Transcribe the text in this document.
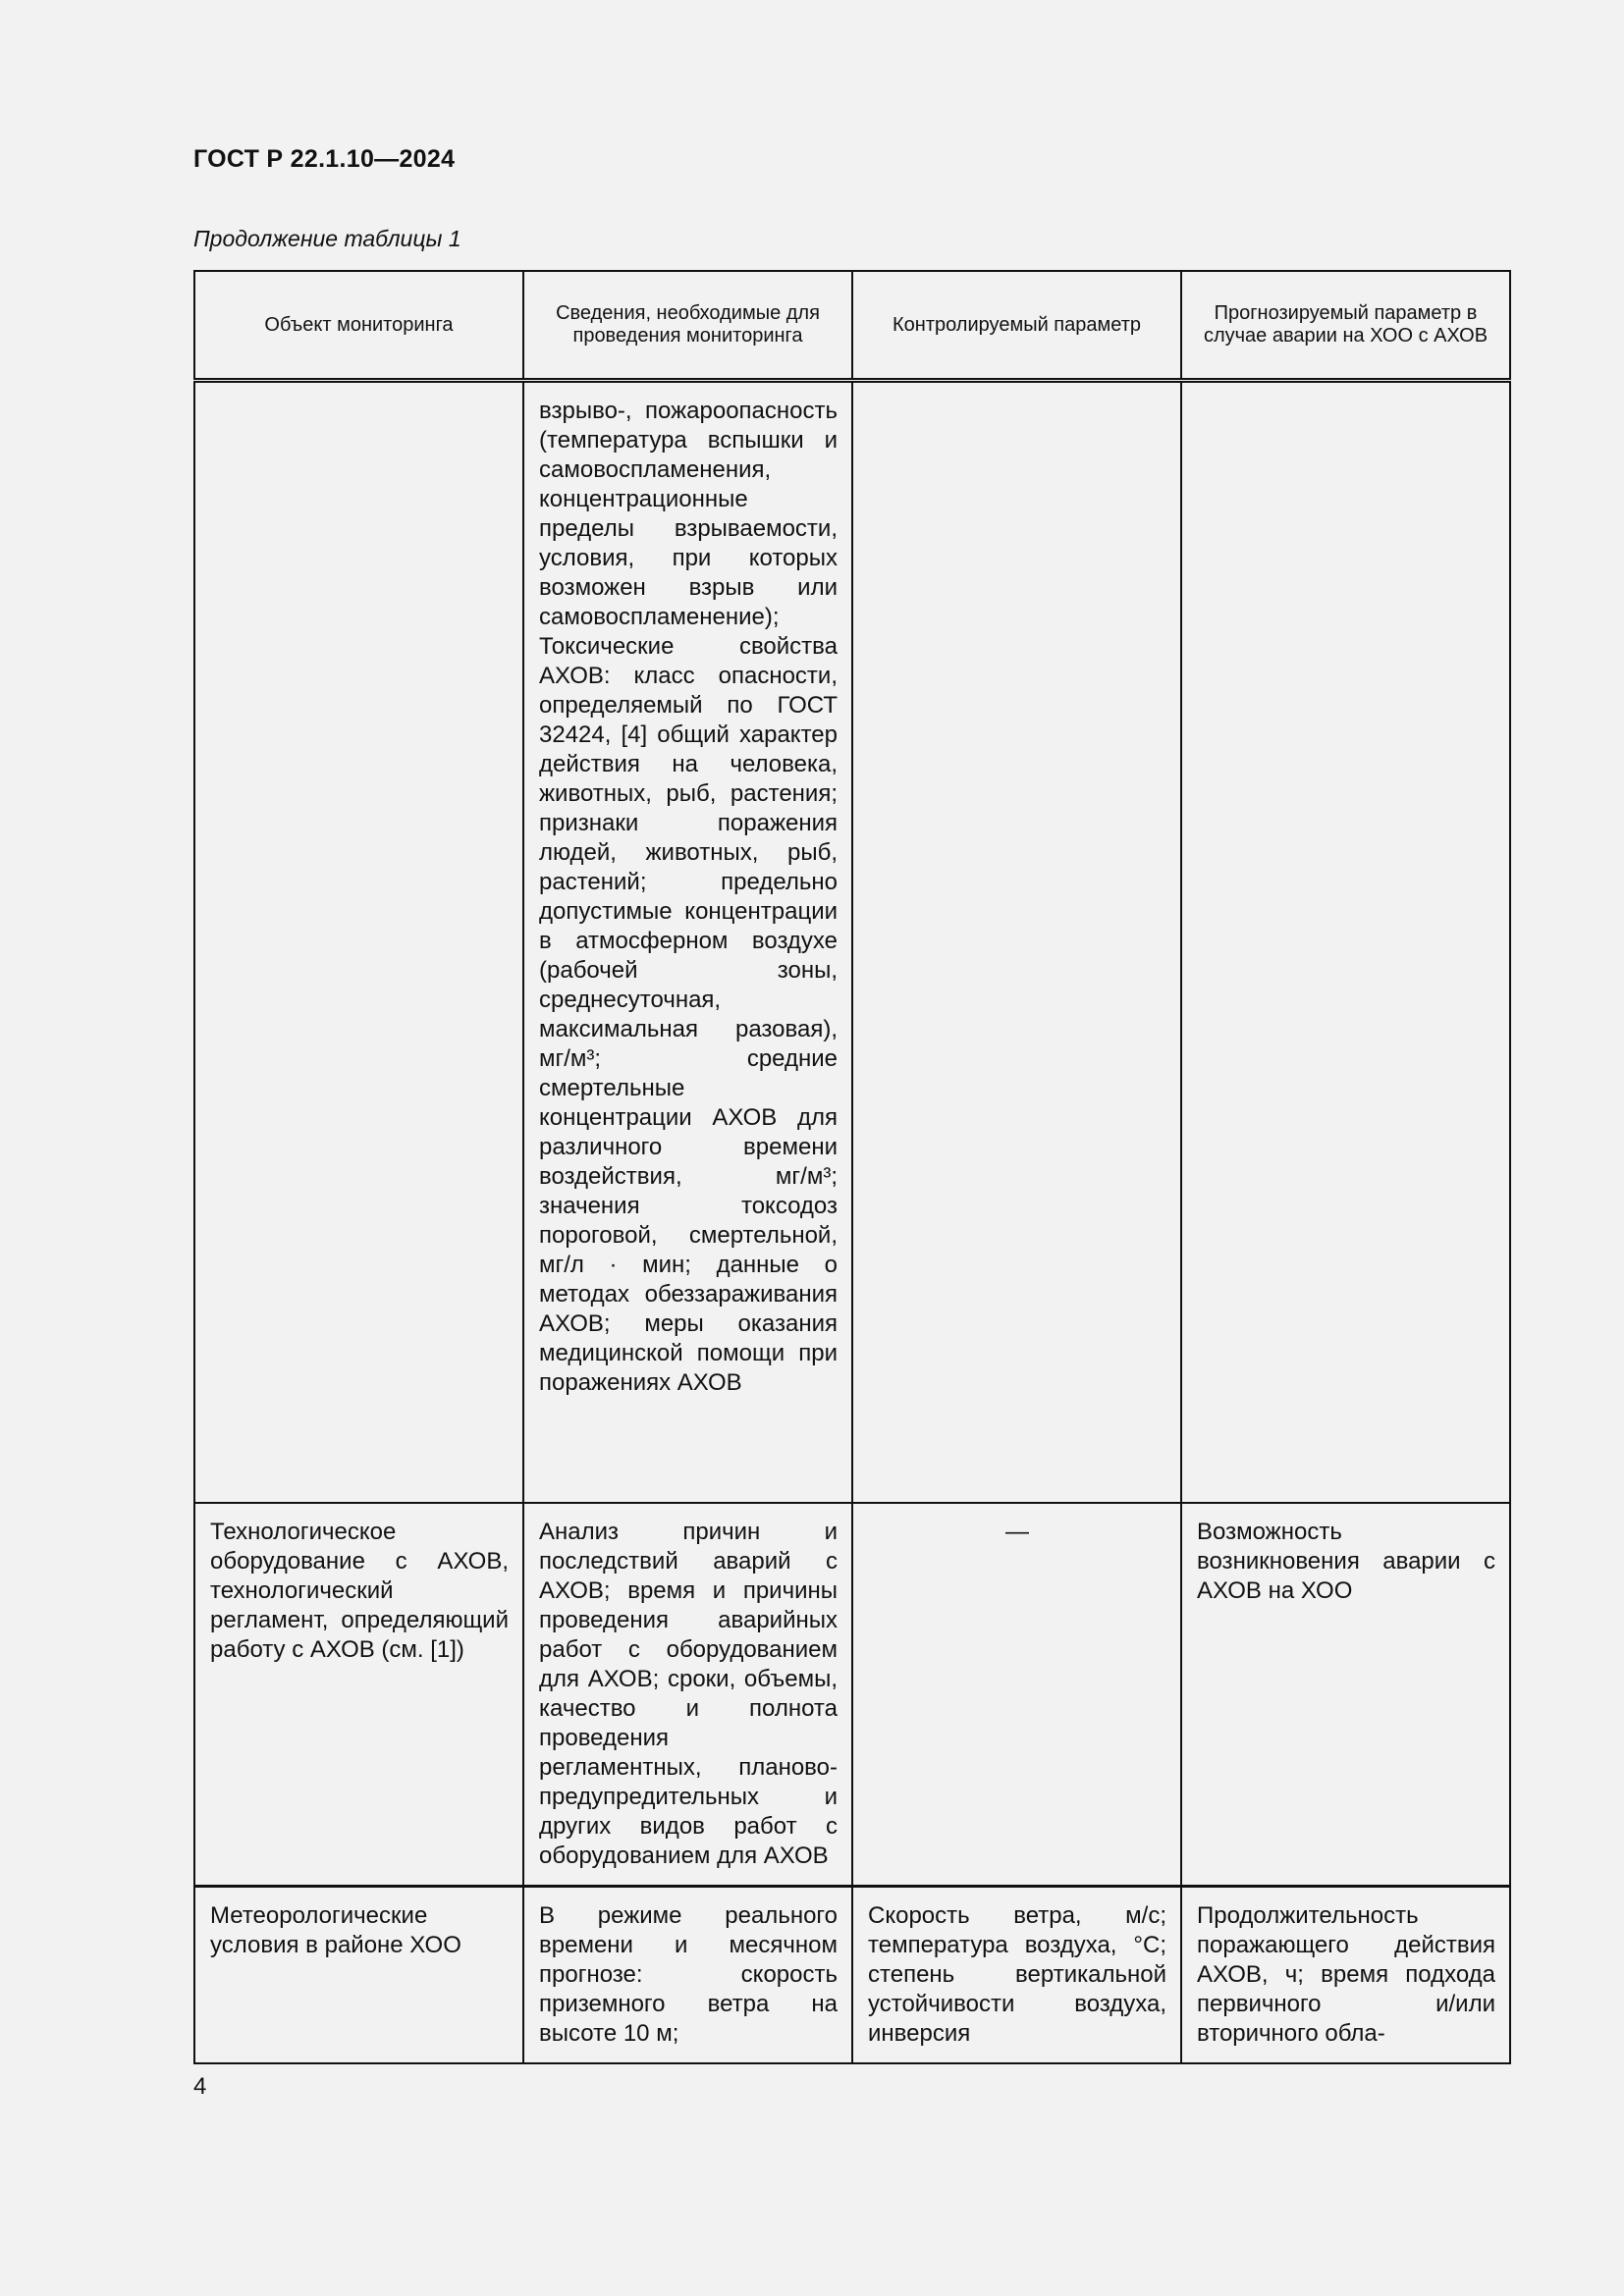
ГОСТ Р 22.1.10—2024
Продолжение таблицы 1
Объект мониторинга	Сведения, необходимые для проведения мониторинга	Контролируемый параметр	Прогнозируемый параметр в случае аварии на ХОО с АХОВ
	взрыво-, пожароопасность (температура вспышки и самовоспламенения, концентрационные пределы взрываемости, условия, при которых возможен взрыв или самовоспламенение); Токсические свойства АХОВ: класс опасности, определяемый по ГОСТ 32424, [4] общий характер действия на человека, животных, рыб, растения; признаки поражения людей, животных, рыб, растений; предельно допустимые концентрации в атмосферном воздухе (рабочей зоны, среднесуточная, максимальная разовая), мг/м³; средние смертельные концентрации АХОВ для различного времени воздействия, мг/м³; значения токсодоз пороговой, смертельной, мг/л · мин; данные о методах обеззараживания АХОВ; меры оказания медицинской помощи при поражениях АХОВ		
Технологическое оборудование с АХОВ, технологический регламент, определяющий работу с АХОВ (см. [1])	Анализ причин и последствий аварий с АХОВ; время и причины проведения аварийных работ с оборудованием для АХОВ; сроки, объемы, качество и полнота проведения регламентных, планово-предупредительных и других видов работ с оборудованием для АХОВ	—	Возможность возникновения аварии с АХОВ на ХОО
Метеорологические условия в районе ХОО	В режиме реального времени и месячном прогнозе: скорость приземного ветра на высоте 10 м;	Скорость ветра, м/с; температура воздуха, °С; степень вертикальной устойчивости воздуха, инверсия	Продолжительность поражающего действия АХОВ, ч; время подхода первичного и/или вторичного обла-
4
